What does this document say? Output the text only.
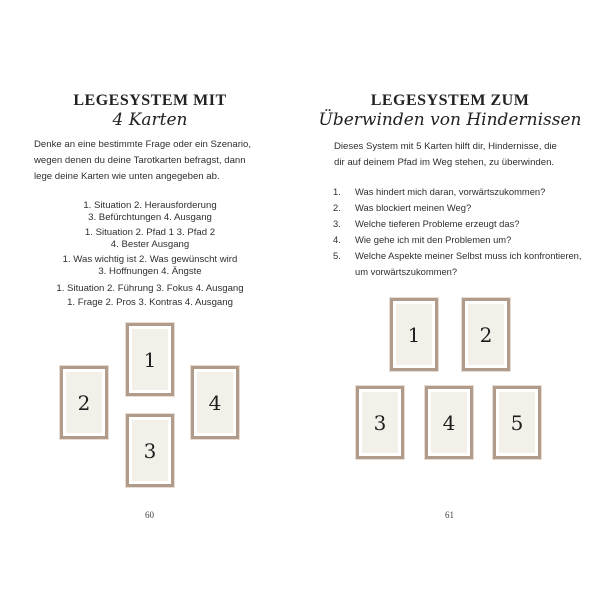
LEGESYSTEM MIT
4 Karten
Denke an eine bestimmte Frage oder ein Szenario, wegen denen du deine Tarotkarten befragst, dann lege deine Karten wie unten angegeben ab.
1. Situation 2. Herausforderung
3. Befürchtungen 4. Ausgang
1. Situation 2. Pfad 1 3. Pfad 2
4. Bester Ausgang
1. Was wichtig ist 2. Was gewünscht wird
3. Hoffnungen 4. Ängste
1. Situation 2. Führung 3. Fokus 4. Ausgang
1. Frage 2. Pros 3. Kontras 4. Ausgang
1
2
3
4
60
LEGESYSTEM ZUM
Überwinden von Hindernissen
Dieses System mit 5 Karten hilft dir, Hindernisse, die dir auf deinem Pfad im Weg stehen, zu überwinden.
1.	Was hindert mich daran, vorwärtszukommen?
2.	Was blockiert meinen Weg?
3.	Welche tieferen Probleme erzeugt das?
4.	Wie gehe ich mit den Problemen um?
5.	Welche Aspekte meiner Selbst muss ich konfrontieren, um vorwärtszukommen?
1	2
3	4	5
61
